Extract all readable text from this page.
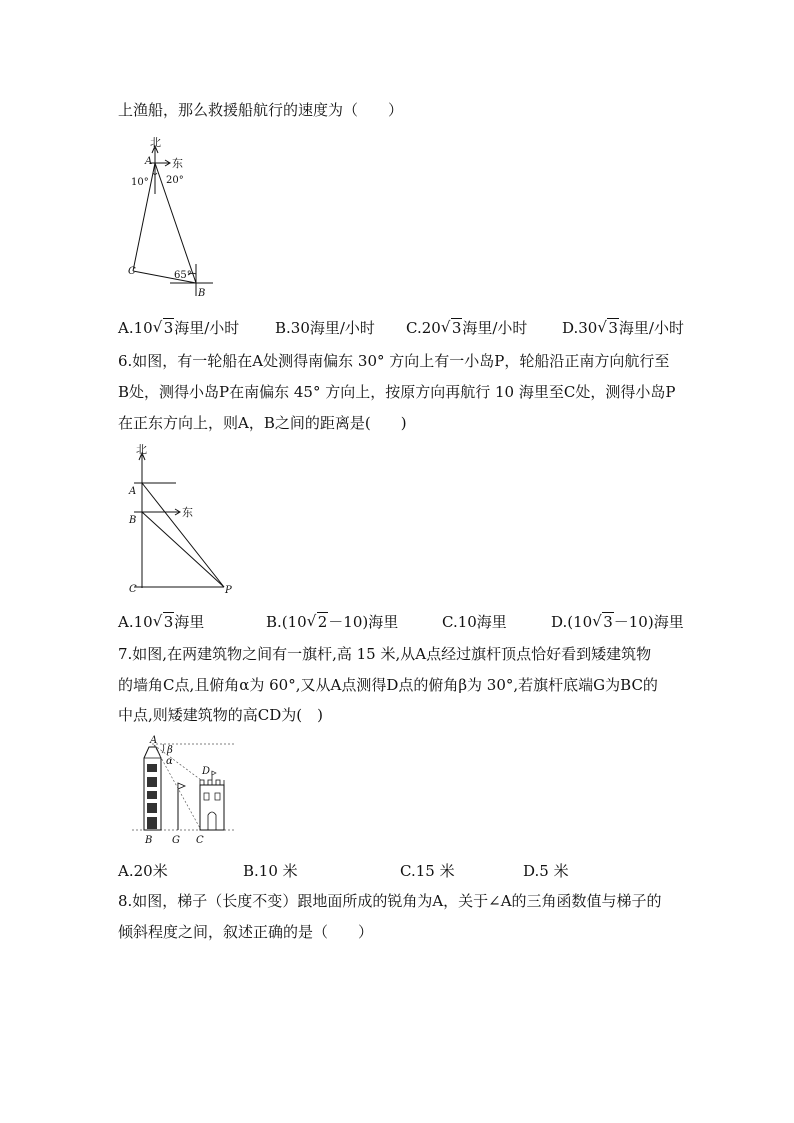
上渔船，那么救援船航行的速度为（　　）
北
东
A
10° 20°
65°
C
B
A.10 √ 3海里/小时 B.30海里/小时 C.20 √ 3海里/小时 D.30 √ 3海里/小时
6.如图，有一轮船在A处测得南偏东 30° 方向上有一小岛P，轮船沿正南方向航行至
B处，测得小岛P在南偏东 45° 方向上，按原方向再航行 10 海里至C处，测得小岛P
在正东方向上，则A，B之间的距离是(　　)
北
东
A
B
C	P
A.10 √ 3海里	B.(10 √ 2－10)海里	C.10海里	D.(10 √ 3－10)海里
7.如图,在两建筑物之间有一旗杆,高 15 米,从A点经过旗杆顶点恰好看到矮建筑物
的墙角C点,且俯角α为 60°,又从A点测得D点的俯角β为 30°,若旗杆底端G为BC的
中点,则矮建筑物的高CD为(　)
β
α
A
D
B G C
A.20米	B.10 米	C.15 米	D.5 米
8.如图，梯子（长度不变）跟地面所成的锐角为A，关于∠A的三角函数值与梯子的
倾斜程度之间，叙述正确的是（　　）
